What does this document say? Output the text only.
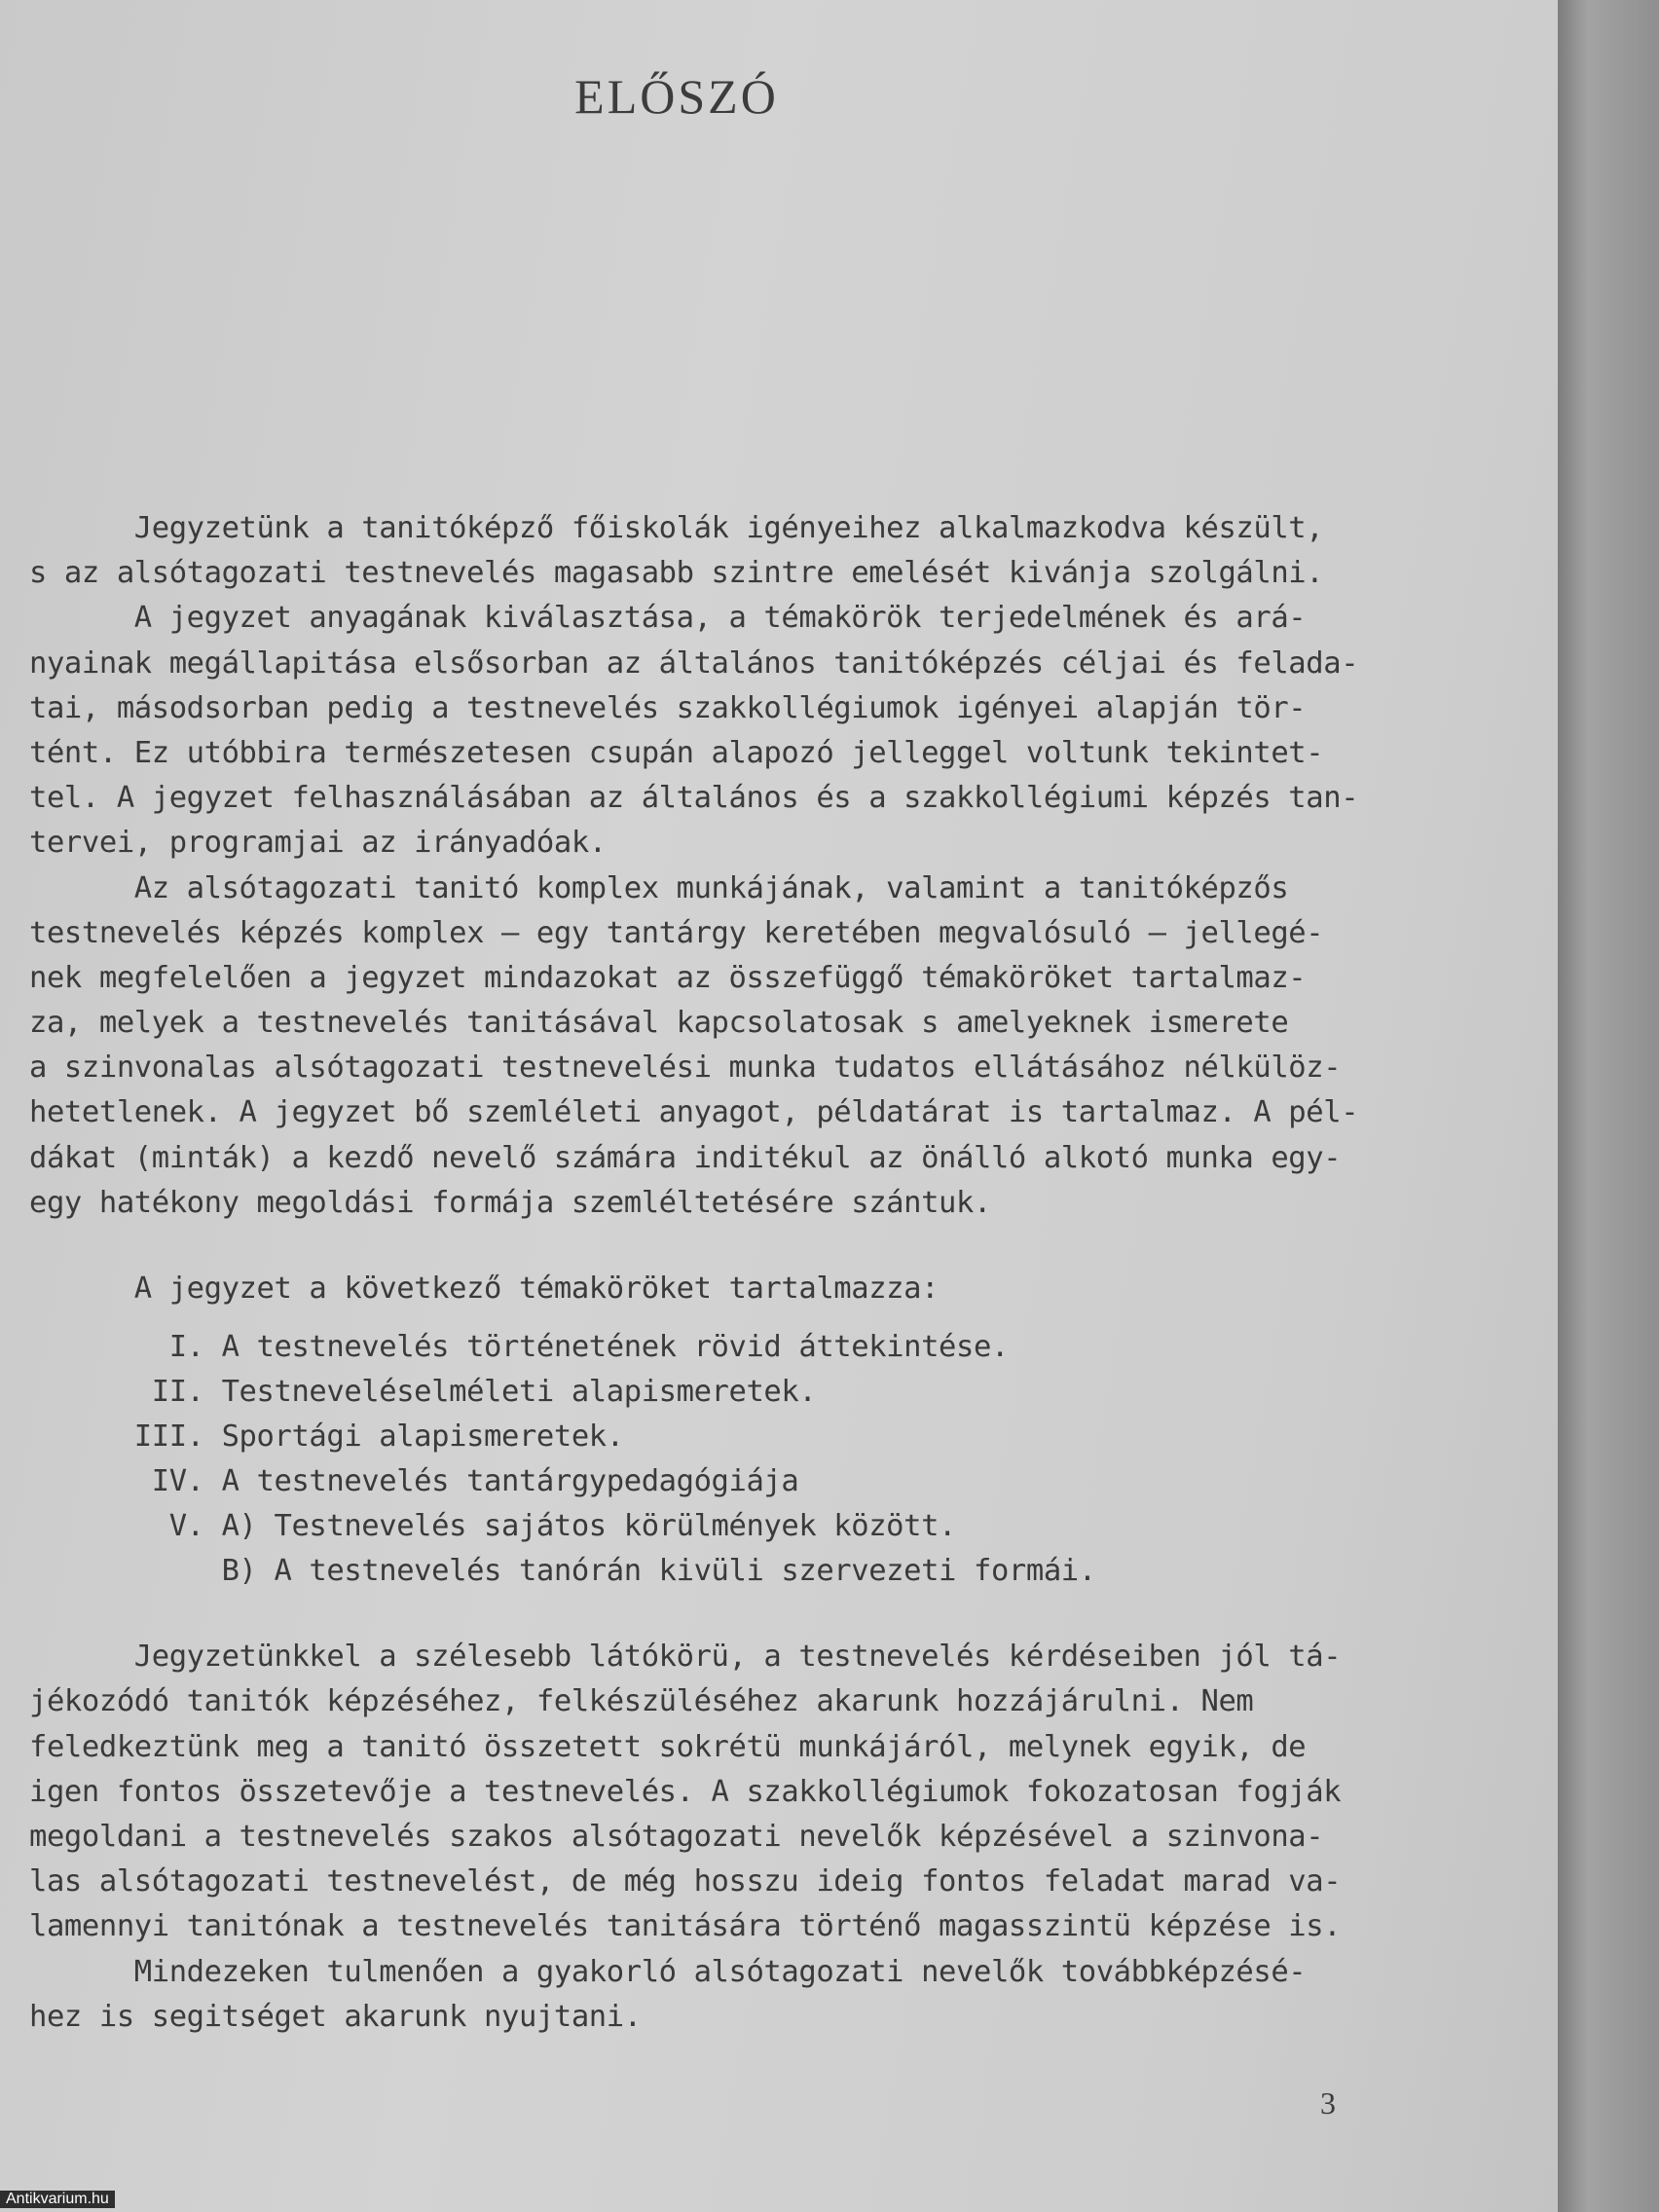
ELŐSZÓ
Jegyzetünk a tanitóképző főiskolák igényeihez alkalmazkodva készült,
s az alsótagozati testnevelés magasabb szintre emelését kivánja szolgálni.
A jegyzet anyagának kiválasztása, a témakörök terjedelmének és ará-
nyainak megállapitása elsősorban az általános tanitóképzés céljai és felada-
tai, másodsorban pedig a testnevelés szakkollégiumok igényei alapján tör-
tént. Ez utóbbira természetesen csupán alapozó jelleggel voltunk tekintet-
tel. A jegyzet felhasználásában az általános és a szakkollégiumi képzés tan-
tervei, programjai az irányadóak.
Az alsótagozati tanitó komplex munkájának, valamint a tanitóképzős
testnevelés képzés komplex – egy tantárgy keretében megvalósuló – jellegé-
nek megfelelően a jegyzet mindazokat az összefüggő témaköröket tartalmaz-
za, melyek a testnevelés tanitásával kapcsolatosak s amelyeknek ismerete
a szinvonalas alsótagozati testnevelési munka tudatos ellátásához nélkülöz-
hetetlenek. A jegyzet bő szemléleti anyagot, példatárat is tartalmaz. A pél-
dákat (minták) a kezdő nevelő számára inditékul az önálló alkotó munka egy-
egy hatékony megoldási formája szemléltetésére szántuk.
A jegyzet a következő témaköröket tartalmazza:
I. A testnevelés történetének rövid áttekintése.
II. Testneveléselméleti alapismeretek.
III. Sportági alapismeretek.
IV. A testnevelés tantárgypedagógiája
V. A) Testnevelés sajátos körülmények között.
B) A testnevelés tanórán kivüli szervezeti formái.
Jegyzetünkkel a szélesebb látókörü, a testnevelés kérdéseiben jól tá-
jékozódó tanitók képzéséhez, felkészüléséhez akarunk hozzájárulni. Nem
feledkeztünk meg a tanitó összetett sokrétü munkájáról, melynek egyik, de
igen fontos összetevője a testnevelés. A szakkollégiumok fokozatosan fogják
megoldani a testnevelés szakos alsótagozati nevelők képzésével a szinvona-
las alsótagozati testnevelést, de még hosszu ideig fontos feladat marad va-
lamennyi tanitónak a testnevelés tanitására történő magasszintü képzése is.
Mindezeken tulmenően a gyakorló alsótagozati nevelők továbbképzésé-
hez is segitséget akarunk nyujtani.
3
Antikvarium.hu
